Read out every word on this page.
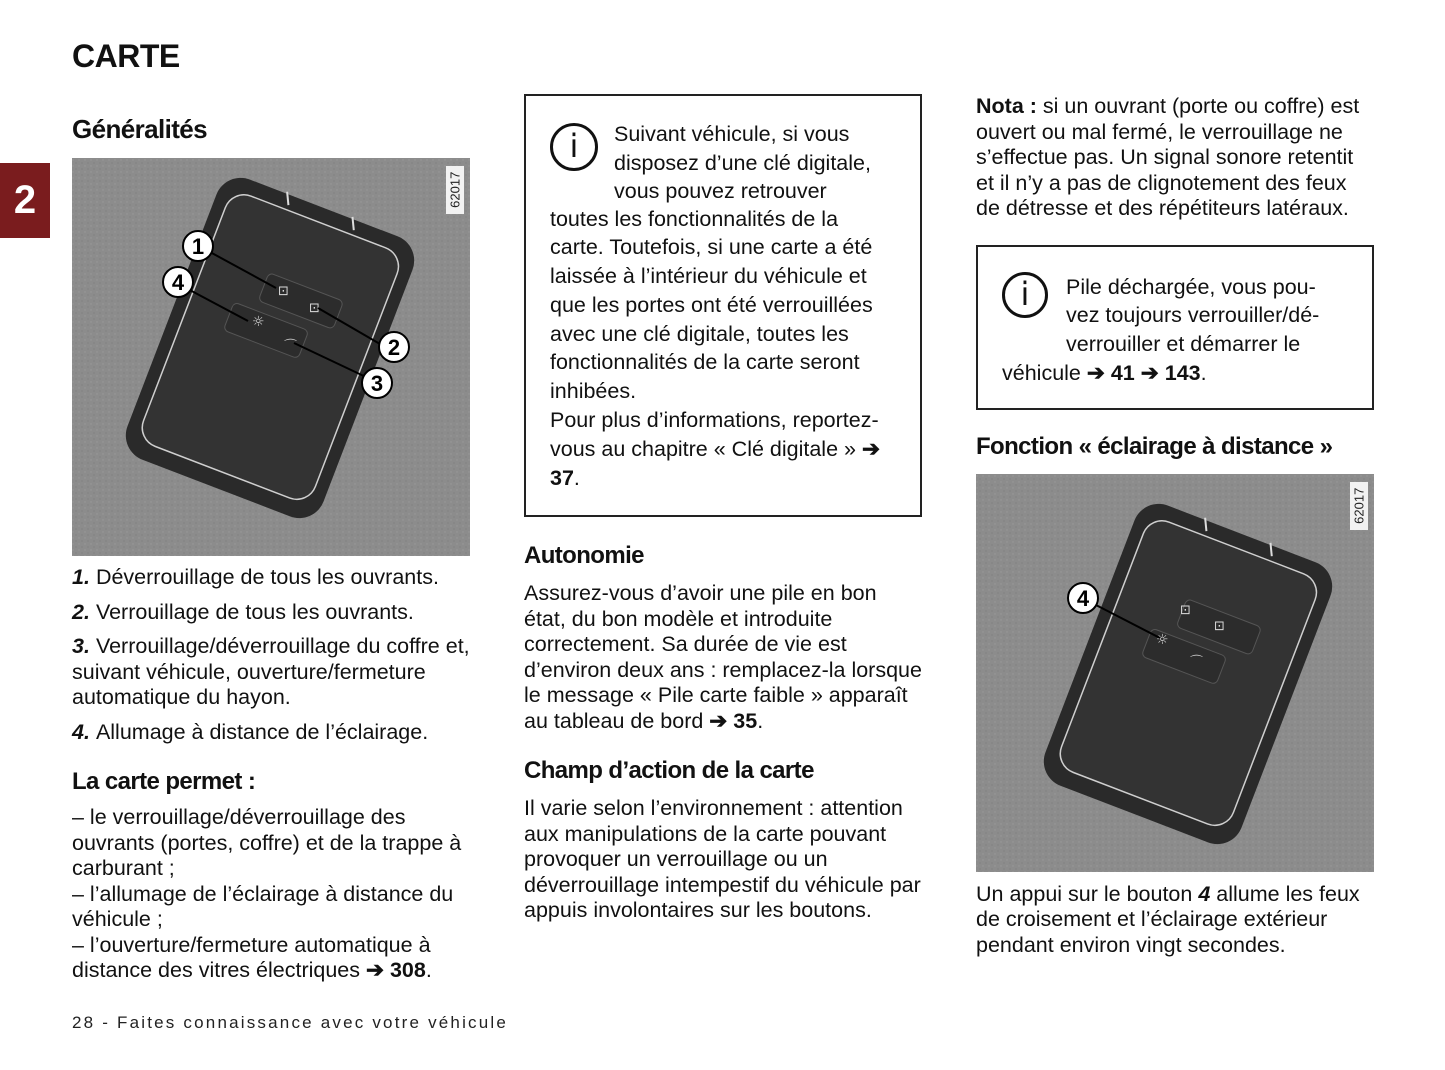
CARTE
2
Généralités
⊡
⊡
☼
⌒
1
4
2
3
62017
1. Déverrouillage de tous les ouvrants.
2. Verrouillage de tous les ouvrants.
3. Verrouillage/déverrouillage du coffre et, suivant véhicule, ouverture/fermeture automatique du hayon.
4. Allumage à distance de l’éclairage.
La carte permet :
– le verrouillage/déverrouillage des ouvrants (portes, coffre) et de la trappe à carburant ;
– l’allumage de l’éclairage à distance du véhicule ;
– l’ouverture/fermeture automatique à distance des vitres électriques ➔ 308.
i	Suivant véhicule, si vous
disposez d’une clé digitale,
vous pouvez retrouver
toutes les fonctionnalités de la carte. Toutefois, si une carte a été laissée à l’intérieur du véhicule et que les portes ont été verrouillées avec une clé digitale, toutes les fonctionnalités de la carte seront inhibées.
Pour plus d’informations, reportez-vous au chapitre « Clé digitale » ➔ 37.
Autonomie
Assurez-vous d’avoir une pile en bon état, du bon modèle et introduite correctement. Sa durée de vie est d’environ deux ans : remplacez-la lorsque le message « Pile carte faible » apparaît au tableau de bord ➔ 35.
Champ d’action de la carte
Il varie selon l’environnement : attention aux manipulations de la carte pouvant provoquer un verrouillage ou un déverrouillage intempestif du véhicule par appuis involontaires sur les boutons.
Nota : si un ouvrant (porte ou coffre) est ouvert ou mal fermé, le verrouillage ne s’effectue pas. Un signal sonore retentit et il n’y a pas de clignotement des feux de détresse et des répétiteurs latéraux.
i	Pile déchargée, vous pou-
vez toujours verrouiller/dé-
verrouiller et démarrer le
véhicule ➔ 41 ➔ 143.
Fonction « éclairage à distance »
⊡
⊡
☼
⌒
4
62017
Un appui sur le bouton 4 allume les feux de croisement et l’éclairage extérieur pendant environ vingt secondes.
28 - Faites connaissance avec votre véhicule
